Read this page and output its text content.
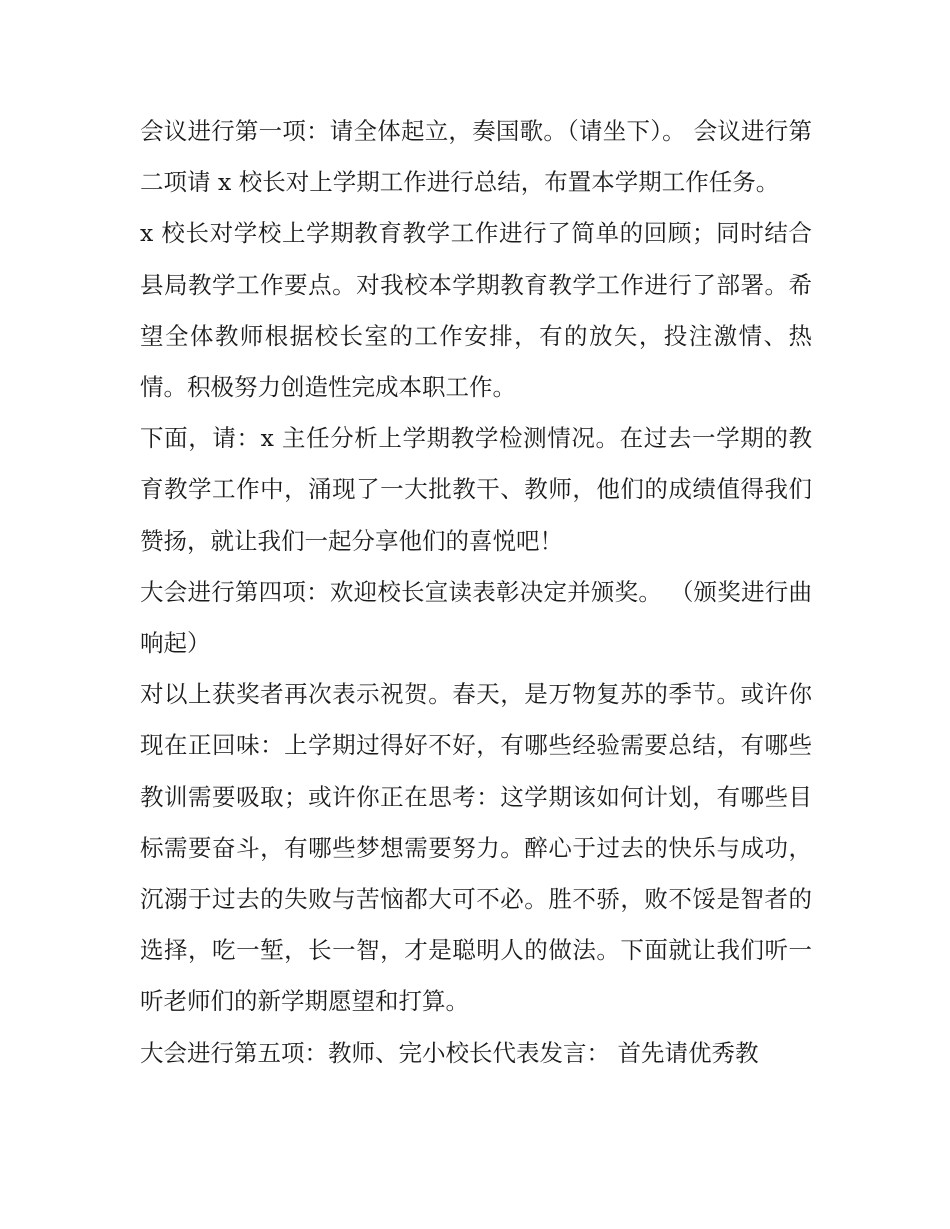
会议进行第一项：请全体起立，奏国歌。（请坐下）。 会议进行第二项请 x 校长对上学期工作进行总结，布置本学期工作任务。

x 校长对学校上学期教育教学工作进行了简单的回顾；同时结合县局教学工作要点。对我校本学期教育教学工作进行了部署。希望全体教师根据校长室的工作安排，有的放矢，投注激情、热情。积极努力创造性完成本职工作。

下面，请：x 主任分析上学期教学检测情况。在过去一学期的教育教学工作中，涌现了一大批教干、教师，他们的成绩值得我们赞扬，就让我们一起分享他们的喜悦吧！

大会进行第四项：欢迎校长宣读表彰决定并颁奖。 （颁奖进行曲响起）

对以上获奖者再次表示祝贺。春天，是万物复苏的季节。或许你现在正回味：上学期过得好不好，有哪些经验需要总结，有哪些教训需要吸取；或许你正在思考：这学期该如何计划，有哪些目标需要奋斗，有哪些梦想需要努力。醉心于过去的快乐与成功，沉溺于过去的失败与苦恼都大可不必。胜不骄，败不馁是智者的选择，吃一堑，长一智，才是聪明人的做法。下面就让我们听一听老师们的新学期愿望和打算。

大会进行第五项：教师、完小校长代表发言： 首先请优秀教
